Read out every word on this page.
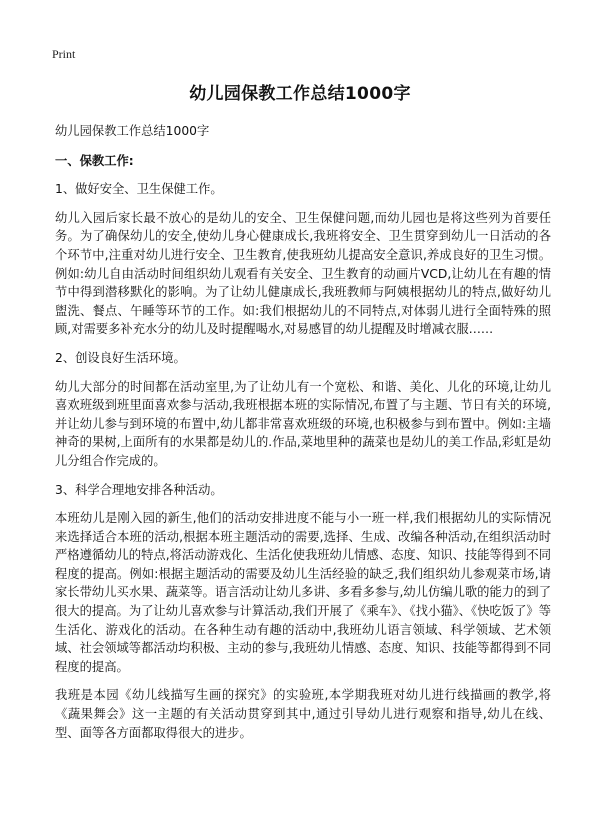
Print
幼儿园保教工作总结1000字

幼儿园保教工作总结1000字

一、保教工作:

1、做好安全、卫生保健工作。

幼儿入园后家长最不放心的是幼儿的安全、卫生保健问题,而幼儿园也是将这些列为首要任务。为了确保幼儿的安全,使幼儿身心健康成长,我班将安全、卫生贯穿到幼儿一日活动的各个环节中,注重对幼儿进行安全、卫生教育,使我班幼儿提高安全意识,养成良好的卫生习惯。例如:幼儿自由活动时间组织幼儿观看有关安全、卫生教育的动画片VCD,让幼儿在有趣的情节中得到潜移默化的影响。为了让幼儿健康成长,我班教师与阿姨根据幼儿的特点,做好幼儿盥洗、餐点、午睡等环节的工作。如:我们根据幼儿的不同特点,对体弱儿进行全面特殊的照顾,对需要多补充水分的幼儿及时提醒喝水,对易感冒的幼儿提醒及时增减衣服……

2、创设良好生活环境。

幼儿大部分的时间都在活动室里,为了让幼儿有一个宽松、和谐、美化、儿化的环境,让幼儿喜欢班级到班里面喜欢参与活动,我班根据本班的实际情况,布置了与主题、节日有关的环境,并让幼儿参与到环境的布置中,幼儿都非常喜欢班级的环境,也积极参与到布置中。例如:主墙神奇的果树,上面所有的水果都是幼儿的.作品,菜地里种的蔬菜也是幼儿的美工作品,彩虹是幼儿分组合作完成的。

3、科学合理地安排各种活动。

本班幼儿是刚入园的新生,他们的活动安排进度不能与小一班一样,我们根据幼儿的实际情况来选择适合本班的活动,根据本班主题活动的需要,选择、生成、改编各种活动,在组织活动时严格遵循幼儿的特点,将活动游戏化、生活化使我班幼儿情感、态度、知识、技能等得到不同程度的提高。例如:根据主题活动的需要及幼儿生活经验的缺乏,我们组织幼儿参观菜市场,请家长带幼儿买水果、蔬菜等。语言活动让幼儿多讲、多看多参与,幼儿仿编儿歌的能力的到了很大的提高。为了让幼儿喜欢参与计算活动,我们开展了《乘车》、《找小猫》、《快吃饭了》等生活化、游戏化的活动。在各种生动有趣的活动中,我班幼儿语言领域、科学领域、艺术领域、社会领域等都活动均积极、主动的参与,我班幼儿情感、态度、知识、技能等都得到不同程度的提高。

我班是本园《幼儿线描写生画的探究》的实验班,本学期我班对幼儿进行线描画的教学,将《蔬果舞会》这一主题的有关活动贯穿到其中,通过引导幼儿进行观察和指导,幼儿在线、型、面等各方面都取得很大的进步。
